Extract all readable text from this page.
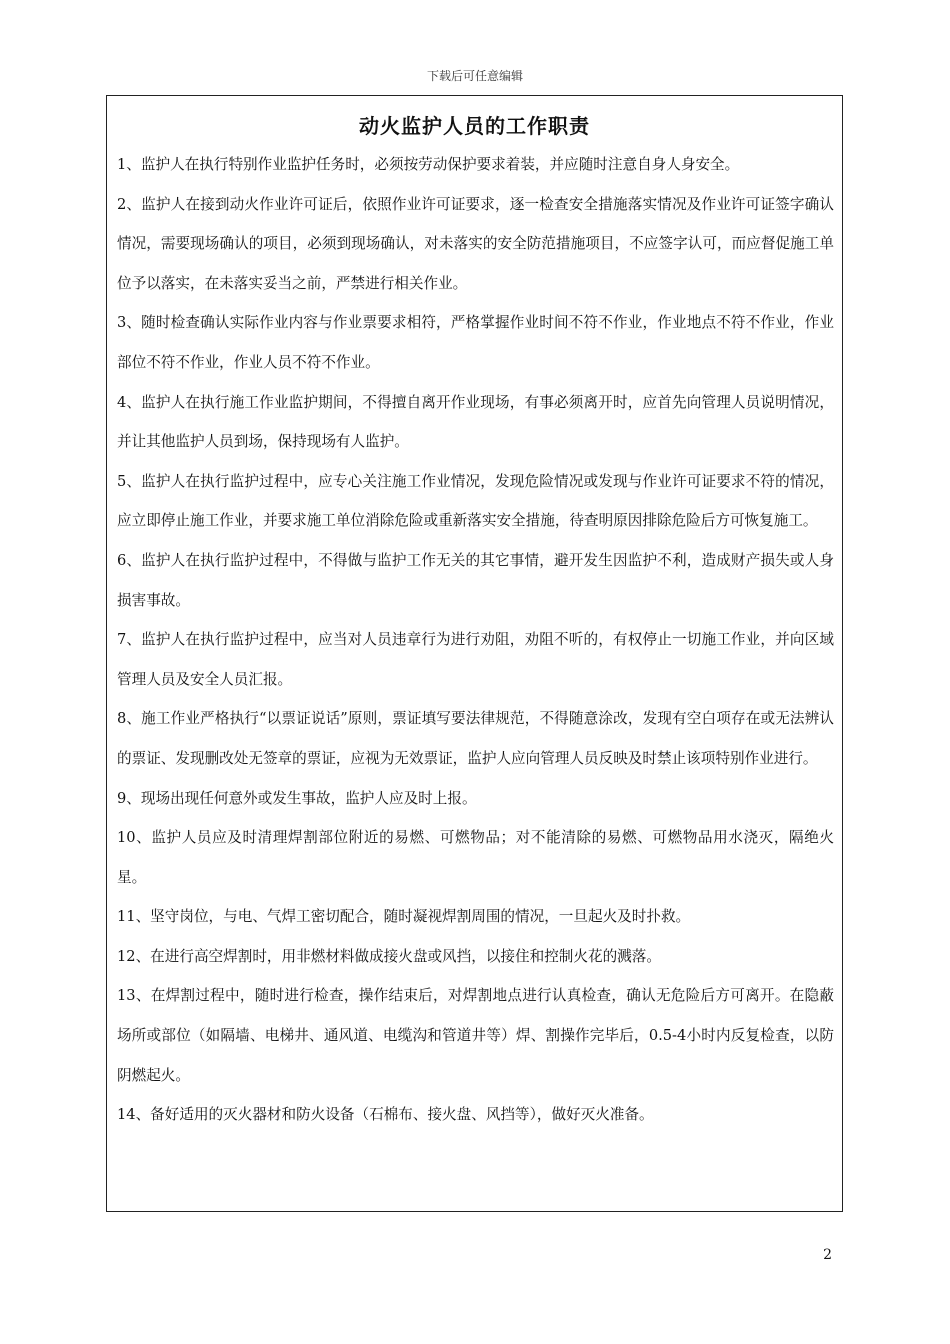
下载后可任意编辑
动火监护人员的工作职责

1、监护人在执行特别作业监护任务时，必须按劳动保护要求着装，并应随时注意自身人身安全。

2、监护人在接到动火作业许可证后，依照作业许可证要求，逐一检查安全措施落实情况及作业许可证签字确认情况，需要现场确认的项目，必须到现场确认，对未落实的安全防范措施项目，不应签字认可，而应督促施工单位予以落实，在未落实妥当之前，严禁进行相关作业。

3、随时检查确认实际作业内容与作业票要求相符，严格掌握作业时间不符不作业，作业地点不符不作业，作业部位不符不作业，作业人员不符不作业。

4、监护人在执行施工作业监护期间，不得擅自离开作业现场，有事必须离开时，应首先向管理人员说明情况，并让其他监护人员到场，保持现场有人监护。

5、监护人在执行监护过程中，应专心关注施工作业情况，发现危险情况或发现与作业许可证要求不符的情况，应立即停止施工作业，并要求施工单位消除危险或重新落实安全措施，待查明原因排除危险后方可恢复施工。

6、监护人在执行监护过程中，不得做与监护工作无关的其它事情，避开发生因监护不利，造成财产损失或人身损害事故。

7、监护人在执行监护过程中，应当对人员违章行为进行劝阻，劝阻不听的，有权停止一切施工作业，并向区域管理人员及安全人员汇报。

8、施工作业严格执行“以票证说话”原则，票证填写要法律规范，不得随意涂改，发现有空白项存在或无法辨认的票证、发现删改处无签章的票证，应视为无效票证，监护人应向管理人员反映及时禁止该项特别作业进行。

9、现场出现任何意外或发生事故，监护人应及时上报。

10、监护人员应及时清理焊割部位附近的易燃、可燃物品；对不能清除的易燃、可燃物品用水浇灭，隔绝火星。

11、坚守岗位，与电、气焊工密切配合，随时凝视焊割周围的情况，一旦起火及时扑救。

12、在进行高空焊割时，用非燃材料做成接火盘或风挡，以接住和控制火花的溅落。

13、在焊割过程中，随时进行检查，操作结束后，对焊割地点进行认真检查，确认无危险后方可离开。在隐蔽场所或部位（如隔墙、电梯井、通风道、电缆沟和管道井等）焊、割操作完毕后，0.5-4小时内反复检查，以防阴燃起火。

14、备好适用的灭火器材和防火设备（石棉布、接火盘、风挡等），做好灭火准备。

2
